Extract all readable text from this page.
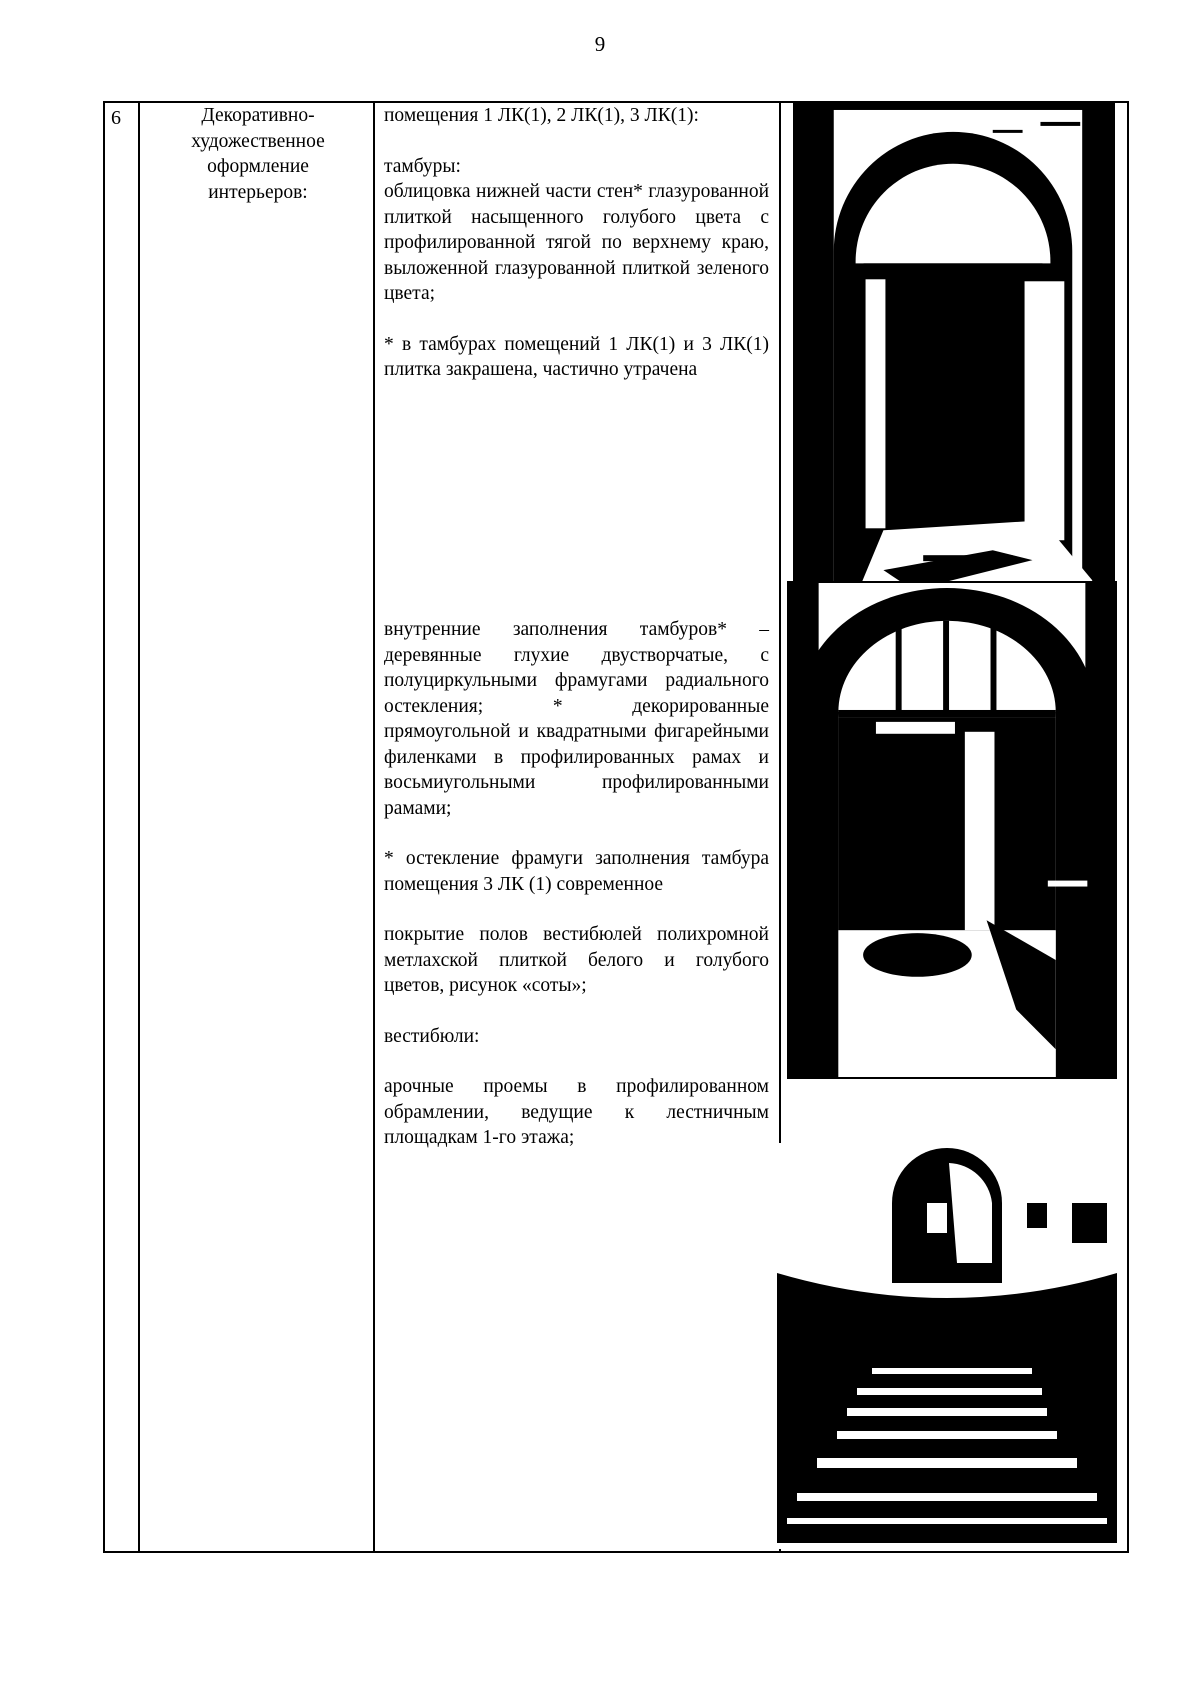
9
6	Декоративно-
художественное
оформление
интерьеров:

помещения 1 ЛК(1), 2 ЛК(1), 3 ЛК(1):

тамбуры:

облицовка нижней части стен* глазурованной плиткой насыщенного голубого цвета с профилированной тягой по верхнему краю, выложенной глазурованной плиткой зеленого цвета;

* в тамбурах помещений 1 ЛК(1) и 3 ЛК(1) плитка закрашена, частично утрачена

внутренние заполнения тамбуров* – деревянные глухие двустворчатые, с полуциркульными фрамугами радиального остекления; * декорированные прямоугольной и квадратными фигарейными филенками в профилированных рамах и восьмиугольными профилированными рамами;

* остекление фрамуги заполнения тамбура помещения 3 ЛК (1) современное

покрытие полов вестибюлей полихромной метлахской плиткой белого и голубого цветов, рисунок «соты»;

вестибюли:

арочные проемы в профилированном обрамлении, ведущие к лестничным площадкам 1-го этажа;
